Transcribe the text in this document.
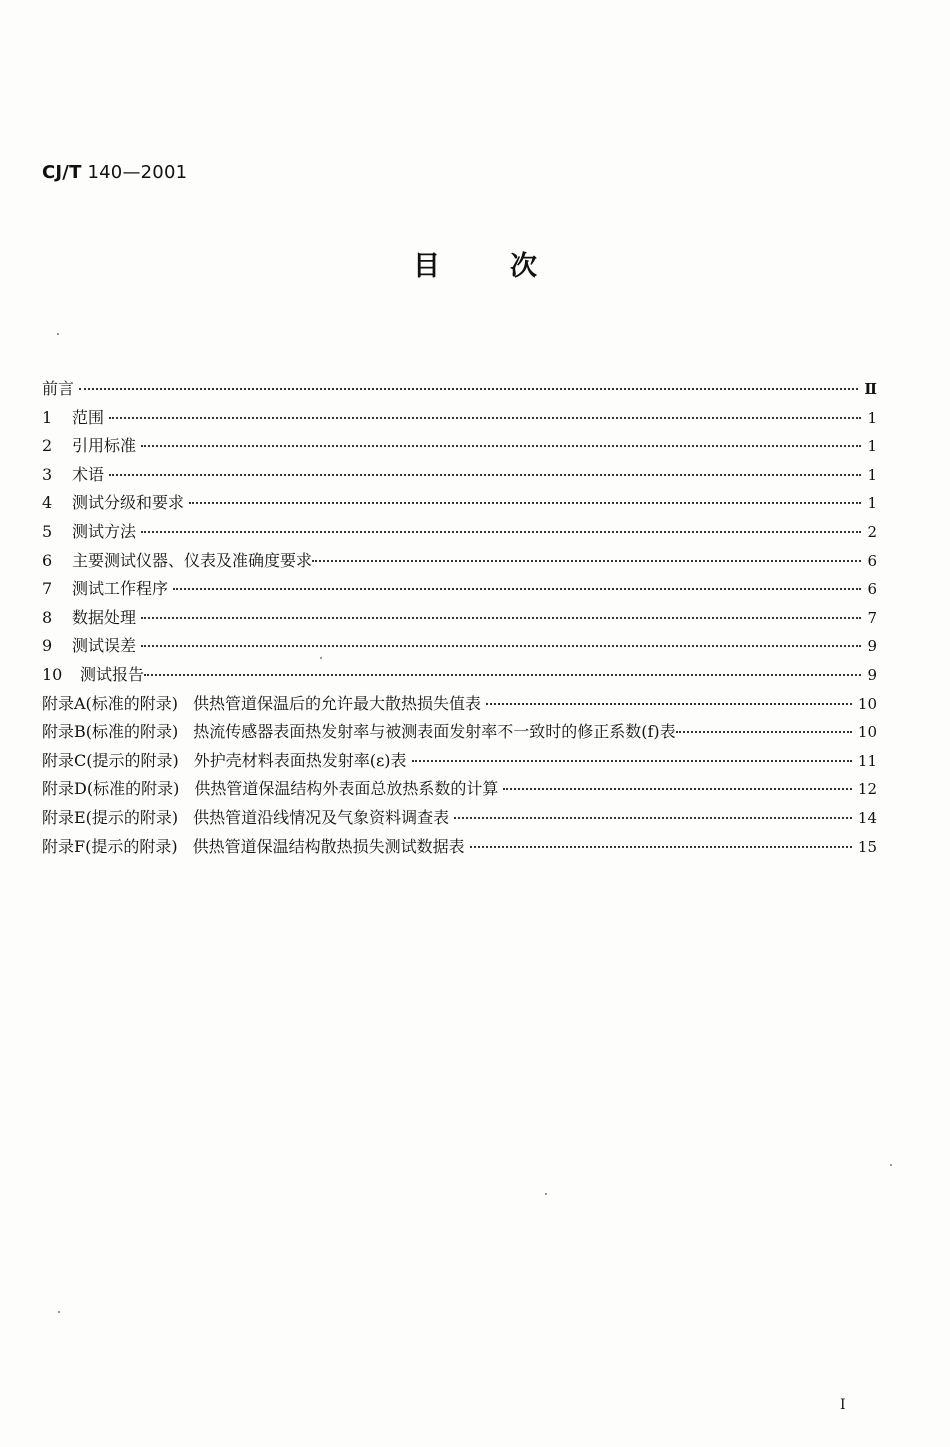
CJ/T 140—2001
目次
前言	Ⅱ
1	范围	1
2	引用标准	1
3	术语	1
4	测试分级和要求	1
5	测试方法	2
6	主要测试仪器、仪表及准确度要求	6
7	测试工作程序	6
8	数据处理	7
9	测试误差	9
10	测试报告	9
附录A(标准的附录) 供热管道保温后的允许最大散热损失值表	10
附录B(标准的附录) 热流传感器表面热发射率与被测表面发射率不一致时的修正系数(f)表	10
附录C(提示的附录) 外护壳材料表面热发射率(ε)表	11
附录D(标准的附录) 供热管道保温结构外表面总放热系数的计算	12
附录E(提示的附录) 供热管道沿线情况及气象资料调查表	14
附录F(提示的附录) 供热管道保温结构散热损失测试数据表	15
I
